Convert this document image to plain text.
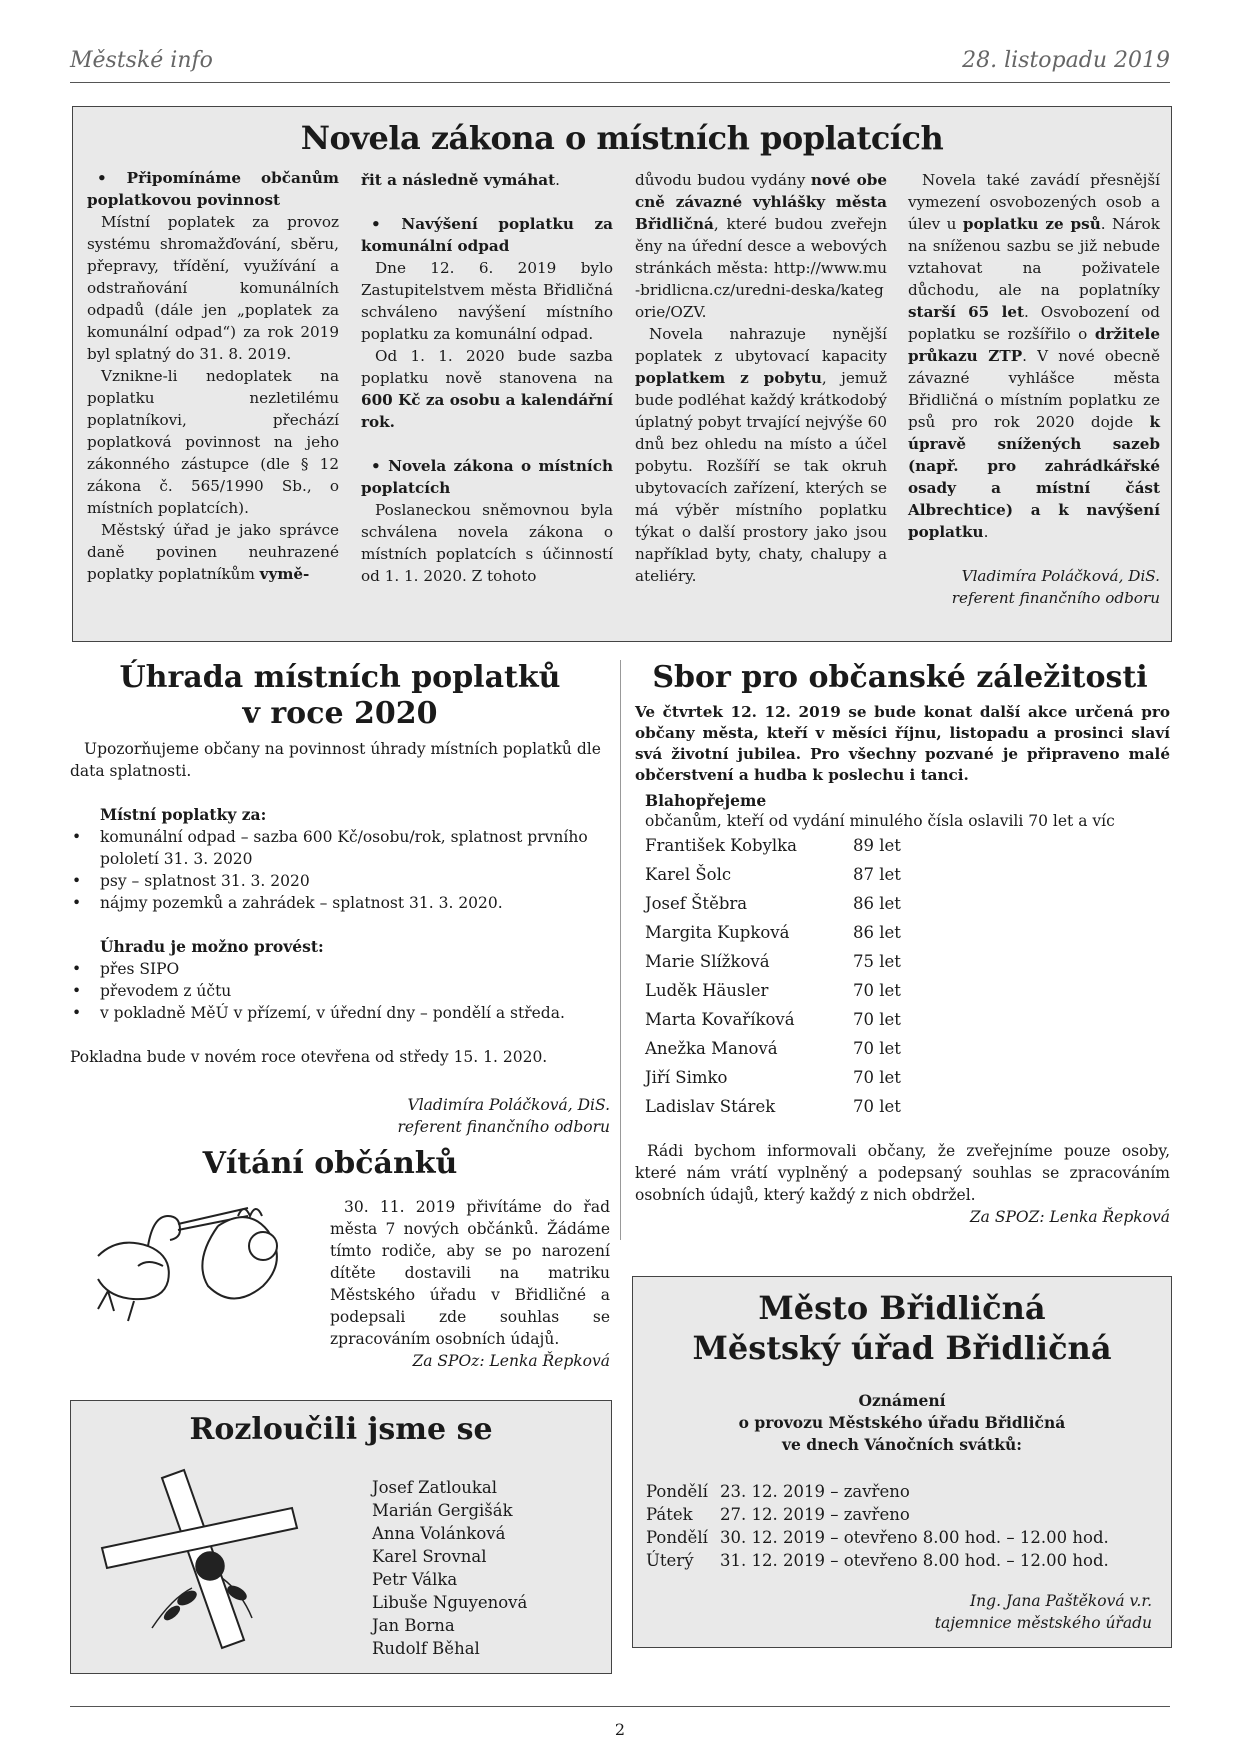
Městské info	28. listopadu 2019
Novela zákona o místních poplatcích

• Připomínáme občanům poplatkovou povinnost

Místní poplatek za provoz systému shromažďování, sběru, přepravy, třídění, využívání a odstraňování komunálních odpadů (dále jen „poplatek za komunální odpad“) za rok 2019 byl splatný do 31. 8. 2019.

Vznikne-li nedoplatek na poplatku nezletilému poplatníkovi, přechází poplatková povinnost na jeho zákonného zástupce (dle § 12 zákona č. 565/1990 Sb., o místních poplatcích).

Městský úřad je jako správce daně povinen neuhrazené poplatky poplatníkům vymě-

řit a následně vymáhat.

• Navýšení poplatku za komunální odpad

Dne 12. 6. 2019 bylo Zastupitelstvem města Břidličná schváleno navýšení místního poplatku za komunální odpad.

Od 1. 1. 2020 bude sazba poplatku nově stanovena na 600 Kč za osobu a kalendářní rok.

• Novela zákona o místních poplatcích

Poslaneckou sněmovnou byla schválena novela zákona o místních poplatcích s účinností od 1. 1. 2020. Z tohoto

důvodu budou vydány nové obecně závazné vyhlášky města Břidličná, které budou zveřejněny na úřední desce a webových stránkách města: http://www.mu-bridlicna.cz/uredni-deska/kategorie/OZV.

Novela nahrazuje nynější poplatek z ubytovací kapacity poplatkem z pobytu, jemuž bude podléhat každý krátkodobý úplatný pobyt trvající nejvýše 60 dnů bez ohledu na místo a účel pobytu. Rozšíří se tak okruh ubytovacích zařízení, kterých se má výběr místního poplatku týkat o další prostory jako jsou například byty, chaty, chalupy a ateliéry.

Novela také zavádí přesnější vymezení osvobozených osob a úlev u poplatku ze psů. Nárok na sníženou sazbu se již nebude vztahovat na poživatele důchodu, ale na poplatníky starší 65 let. Osvobození od poplatku se rozšířilo o držitele průkazu ZTP. V nové obecně závazné vyhlášce města Břidličná o místním poplatku ze psů pro rok 2020 dojde k úpravě snížených sazeb (např. pro zahrádkářské osady a místní část Albrechtice) a k navýšení poplatku.

Vladimíra Poláčková, DiS.

referent finančního odboru

Úhrada místních poplatků
v roce 2020

Upozorňujeme občany na povinnost úhrady místních poplatků dle data splatnosti.

Místní poplatky za:

• komunální odpad – sazba 600 Kč/osobu/rok, splatnost prvního pololetí 31. 3. 2020
• psy – splatnost 31. 3. 2020
• nájmy pozemků a zahrádek – splatnost 31. 3. 2020.

Úhradu je možno provést:

• přes SIPO
• převodem z účtu
• v pokladně MěÚ v přízemí, v úřední dny – pondělí a středa.

Pokladna bude v novém roce otevřena od středy 15. 1. 2020.

Vladimíra Poláčková, DiS.
referent finančního odboru
Vítání občánků

30. 11. 2019 přivítáme do řad města 7 nových občánků. Žádáme tímto rodiče, aby se po narození dítěte dostavili na matriku Městského úřadu v Břidličné a podepsali zde souhlas se zpracováním osobních údajů.

Za SPOz: Lenka Řepková

Rozloučili jsme se
Josef Zatloukal
Marián Gergišák
Anna Volánková
Karel Srovnal
Petr Válka
Libuše Nguyenová
Jan Borna
Rudolf Běhal
Sbor pro občanské záležitosti
Ve čtvrtek 12. 12. 2019 se bude konat další akce určená pro občany města, kteří v měsíci říjnu, listopadu a prosinci slaví svá životní jubilea. Pro všechny pozvané je připraveno malé občerstvení a hudba k poslechu i tanci.
Blahopřejeme
občanům, kteří od vydání minulého čísla oslavili 70 let a víc
František Kobylka	89 let
Karel Šolc	87 let
Josef Štěbra	86 let
Margita Kupková	86 let
Marie Slížková	75 let
Luděk Häusler	70 let
Marta Kovaříková	70 let
Anežka Manová	70 let
Jiří Simko	70 let
Ladislav Stárek	70 let

Rádi bychom informovali občany, že zveřejníme pouze osoby, které nám vrátí vyplněný a podepsaný souhlas se zpracováním osobních údajů, který každý z nich obdržel.

Za SPOZ: Lenka Řepková

Město Břidličná
Městský úřad Břidličná
Oznámení
o provozu Městského úřadu Břidličná
ve dnech Vánočních svátků:
Pondělí 23. 12. 2019 – zavřeno
Pátek	27. 12. 2019 – zavřeno
Pondělí 30. 12. 2019 – otevřeno 8.00 hod. – 12.00 hod.
Úterý	31. 12. 2019 – otevřeno 8.00 hod. – 12.00 hod.
Ing. Jana Paštěková v.r.
tajemnice městského úřadu
2
